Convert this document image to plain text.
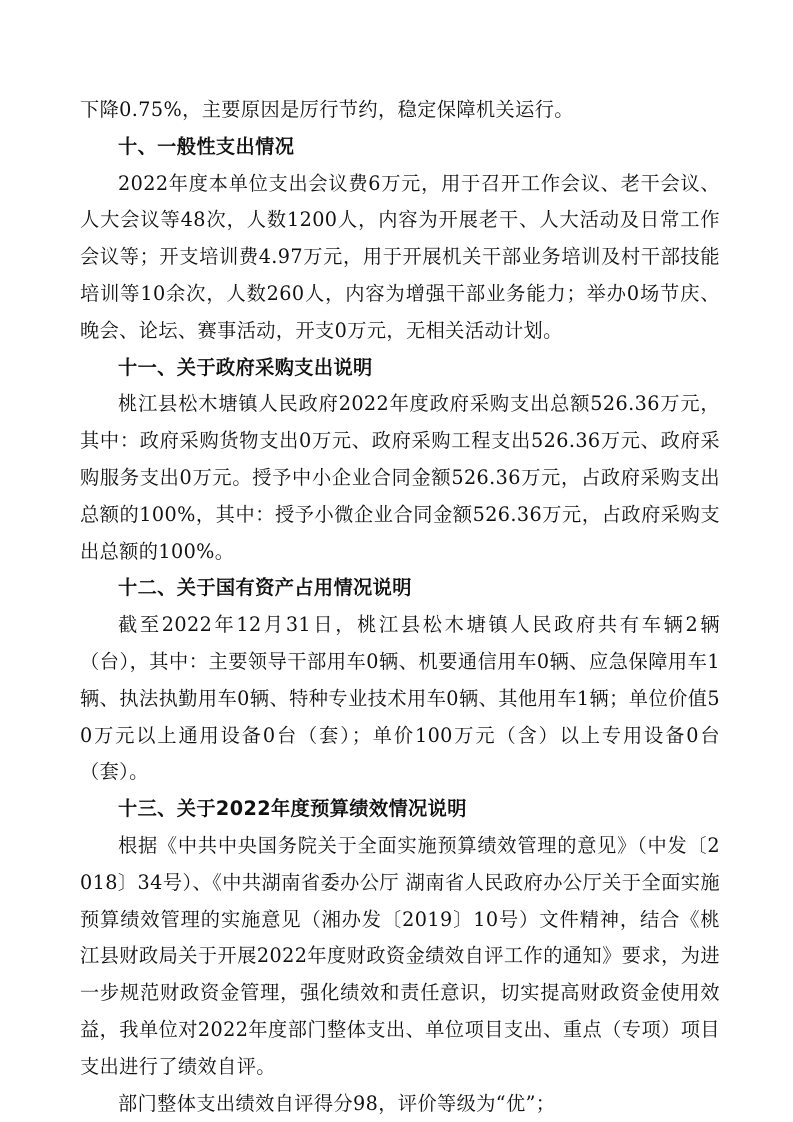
下降0.75%，主要原因是厉行节约，稳定保障机关运行。

十、一般性支出情况

2022年度本单位支出会议费6万元，用于召开工作会议、老干会议、人大会议等48次，人数1200人，内容为开展老干、人大活动及日常工作会议等；开支培训费4.97万元，用于开展机关干部业务培训及村干部技能培训等10余次，人数260人，内容为增强干部业务能力；举办0场节庆、晚会、论坛、赛事活动，开支0万元，无相关活动计划。

十一、关于政府采购支出说明

桃江县松木塘镇人民政府2022年度政府采购支出总额526.36万元，其中：政府采购货物支出0万元、政府采购工程支出526.36万元、政府采购服务支出0万元。授予中小企业合同金额526.36万元，占政府采购支出总额的100%，其中：授予小微企业合同金额526.36万元，占政府采购支出总额的100%。

十二、关于国有资产占用情况说明

截至2022年12月31日，桃江县松木塘镇人民政府共有车辆2辆（台），其中：主要领导干部用车0辆、机要通信用车0辆、应急保障用车1辆、执法执勤用车0辆、特种专业技术用车0辆、其他用车1辆；单位价值50万元以上通用设备0台（套）；单价100万元（含）以上专用设备0台（套）。

十三、关于2022年度预算绩效情况说明

根据《中共中央国务院关于全面实施预算绩效管理的意见》（中发〔2018〕34号）、《中共湖南省委办公厅 湖南省人民政府办公厅关于全面实施预算绩效管理的实施意见（湘办发〔2019〕10号）文件精神，结合《桃江县财政局关于开展2022年度财政资金绩效自评工作的通知》要求，为进一步规范财政资金管理，强化绩效和责任意识，切实提高财政资金使用效益，我单位对2022年度部门整体支出、单位项目支出、重点（专项）项目支出进行了绩效自评。

部门整体支出绩效自评得分98，评价等级为“优”；
